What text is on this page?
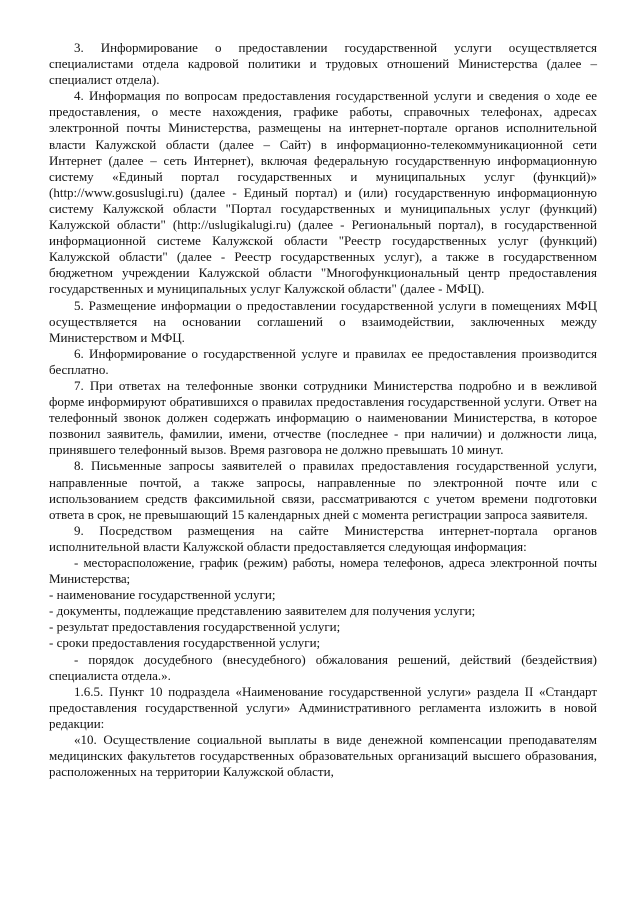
3. Информирование о предоставлении государственной услуги осуществляется специалистами отдела кадровой политики и трудовых отношений Министерства (далее – специалист отдела).

4. Информация по вопросам предоставления государственной услуги и сведения о ходе ее предоставления, о месте нахождения, графике работы, справочных телефонах, адресах электронной почты Министерства, размещены на интернет-портале органов исполнительной власти Калужской области (далее – Сайт) в информационно-телекоммуникационной сети Интернет (далее – сеть Интернет), включая федеральную государственную информационную систему «Единый портал государственных и муниципальных услуг (функций)» (http://www.gosuslugi.ru) (далее - Единый портал) и (или) государственную информационную систему Калужской области "Портал государственных и муниципальных услуг (функций) Калужской области" (http://uslugikalugi.ru) (далее - Региональный портал), в государственной информационной системе Калужской области "Реестр государственных услуг (функций) Калужской области" (далее - Реестр государственных услуг), а также в государственном бюджетном учреждении Калужской области "Многофункциональный центр предоставления государственных и муниципальных услуг Калужской области" (далее - МФЦ).

5. Размещение информации о предоставлении государственной услуги в помещениях МФЦ осуществляется на основании соглашений о взаимодействии, заключенных между Министерством и МФЦ.

6. Информирование о государственной услуге и правилах ее предоставления производится бесплатно.

7. При ответах на телефонные звонки сотрудники Министерства подробно и в вежливой форме информируют обратившихся о правилах предоставления государственной услуги. Ответ на телефонный звонок должен содержать информацию о наименовании Министерства, в которое позвонил заявитель, фамилии, имени, отчестве (последнее - при наличии) и должности лица, принявшего телефонный вызов. Время разговора не должно превышать 10 минут.

8. Письменные запросы заявителей о правилах предоставления государственной услуги, направленные почтой, а также запросы, направленные по электронной почте или с использованием средств факсимильной связи, рассматриваются с учетом времени подготовки ответа в срок, не превышающий 15 календарных дней с момента регистрации запроса заявителя.

9. Посредством размещения на сайте Министерства интернет-портала органов исполнительной власти Калужской области предоставляется следующая информация:

- месторасположение, график (режим) работы, номера телефонов, адреса электронной почты Министерства;

- наименование государственной услуги;

- документы, подлежащие представлению заявителем для получения услуги;

- результат предоставления государственной услуги;

- сроки предоставления государственной услуги;

- порядок досудебного (внесудебного) обжалования решений, действий (бездействия) специалиста отдела.».

1.6.5. Пункт 10 подраздела «Наименование государственной услуги» раздела II «Стандарт предоставления государственной услуги» Административного регламента изложить в новой редакции:

«10. Осуществление социальной выплаты в виде денежной компенсации преподавателям медицинских факультетов государственных образовательных организаций высшего образования, расположенных на территории Калужской области,
